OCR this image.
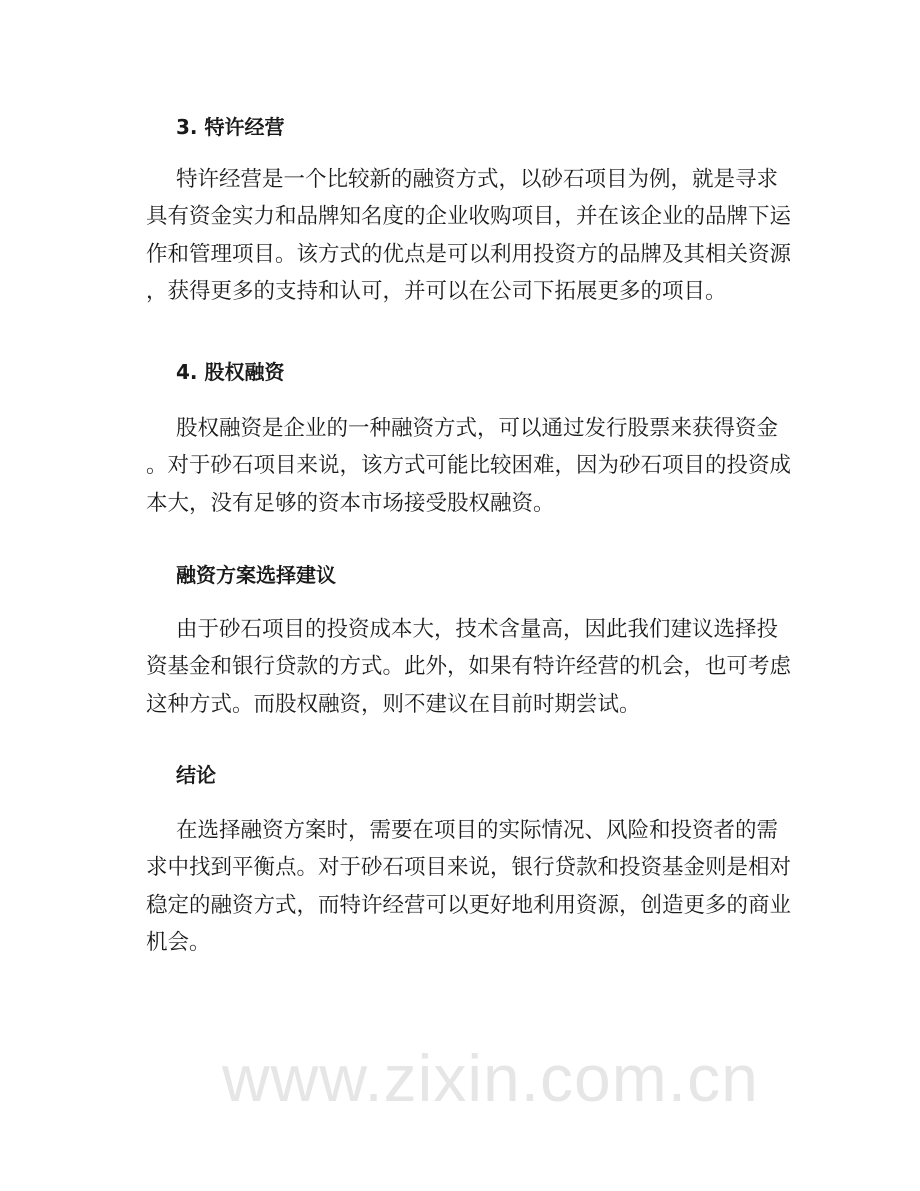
www.zixin.com.cn
3. 特许经营
特许经营是一个比较新的融资方式，以砂石项目为例，就是寻求
具有资金实力和品牌知名度的企业收购项目，并在该企业的品牌下运
作和管理项目。该方式的优点是可以利用投资方的品牌及其相关资源
，获得更多的支持和认可，并可以在公司下拓展更多的项目。
4. 股权融资
股权融资是企业的一种融资方式，可以通过发行股票来获得资金
。对于砂石项目来说，该方式可能比较困难，因为砂石项目的投资成
本大，没有足够的资本市场接受股权融资。
融资方案选择建议
由于砂石项目的投资成本大，技术含量高，因此我们建议选择投
资基金和银行贷款的方式。此外，如果有特许经营的机会，也可考虑
这种方式。而股权融资，则不建议在目前时期尝试。
结论
在选择融资方案时，需要在项目的实际情况、风险和投资者的需
求中找到平衡点。对于砂石项目来说，银行贷款和投资基金则是相对
稳定的融资方式，而特许经营可以更好地利用资源，创造更多的商业
机会。
